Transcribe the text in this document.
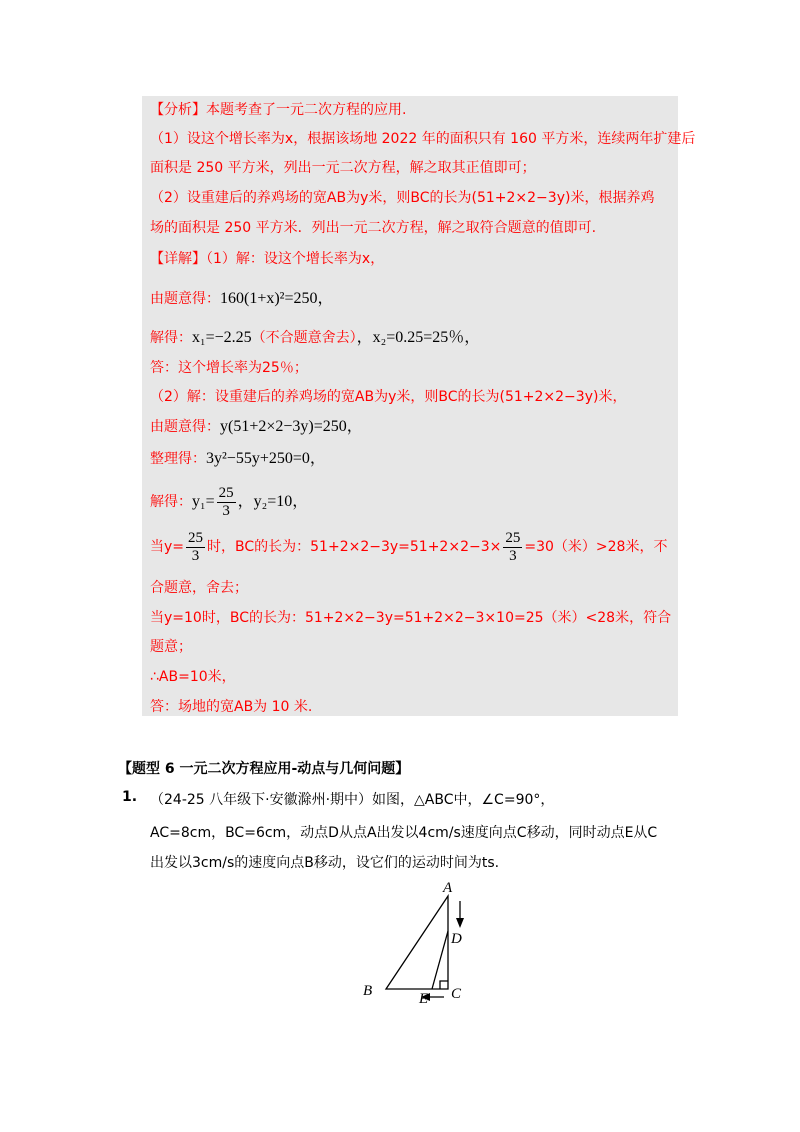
【分析】本题考查了一元二次方程的应用.
（1）设这个增长率为x，根据该场地 2022 年的面积只有 160 平方米，连续两年扩建后
面积是 250 平方米，列出一元二次方程，解之取其正值即可；
（2）设重建后的养鸡场的宽AB为y米，则BC的长为(51+2×2−3y)米，根据养鸡
场的面积是 250 平方米．列出一元二次方程，解之取符合题意的值即可.
【详解】（1）解：设这个增长率为x，
由题意得：160(1+x)²=250，
解得：x₁=−2.25（不合题意舍去），x₂=0.25=25％，
答：这个增长率为25％；
（2）解：设重建后的养鸡场的宽AB为y米，则BC的长为(51+2×2−3y)米，
由题意得：y(51+2×2−3y)=250，
整理得：3y²−55y+250=0，
解得：$y_1= \frac{25}{3}$ ，y₂=10，
当$y= \frac{25}{3}$ 时，BC的长为：$51+2\times 2-3y=51+2\times 2-3\times \frac{25}{3} =30$（米）>28米，不
合题意，舍去；
当y=10时，BC的长为：51+2×2−3y=51+2×2−3×10=25（米）<28米，符合
题意；
∴AB=10米，
答：场地的宽AB为 10 米.
【题型 6 一元二次方程应用-动点与几何问题】
1. （24-25 八年级下·安徽滁州·期中）如图，△ABC中，∠C=90°，
AC=8cm，BC=6cm，动点D从点A出发以4cm/s速度向点C移动，同时动点E从C
出发以3cm/s的速度向点B移动，设它们的运动时间为ts.
A
B	C
D
E
